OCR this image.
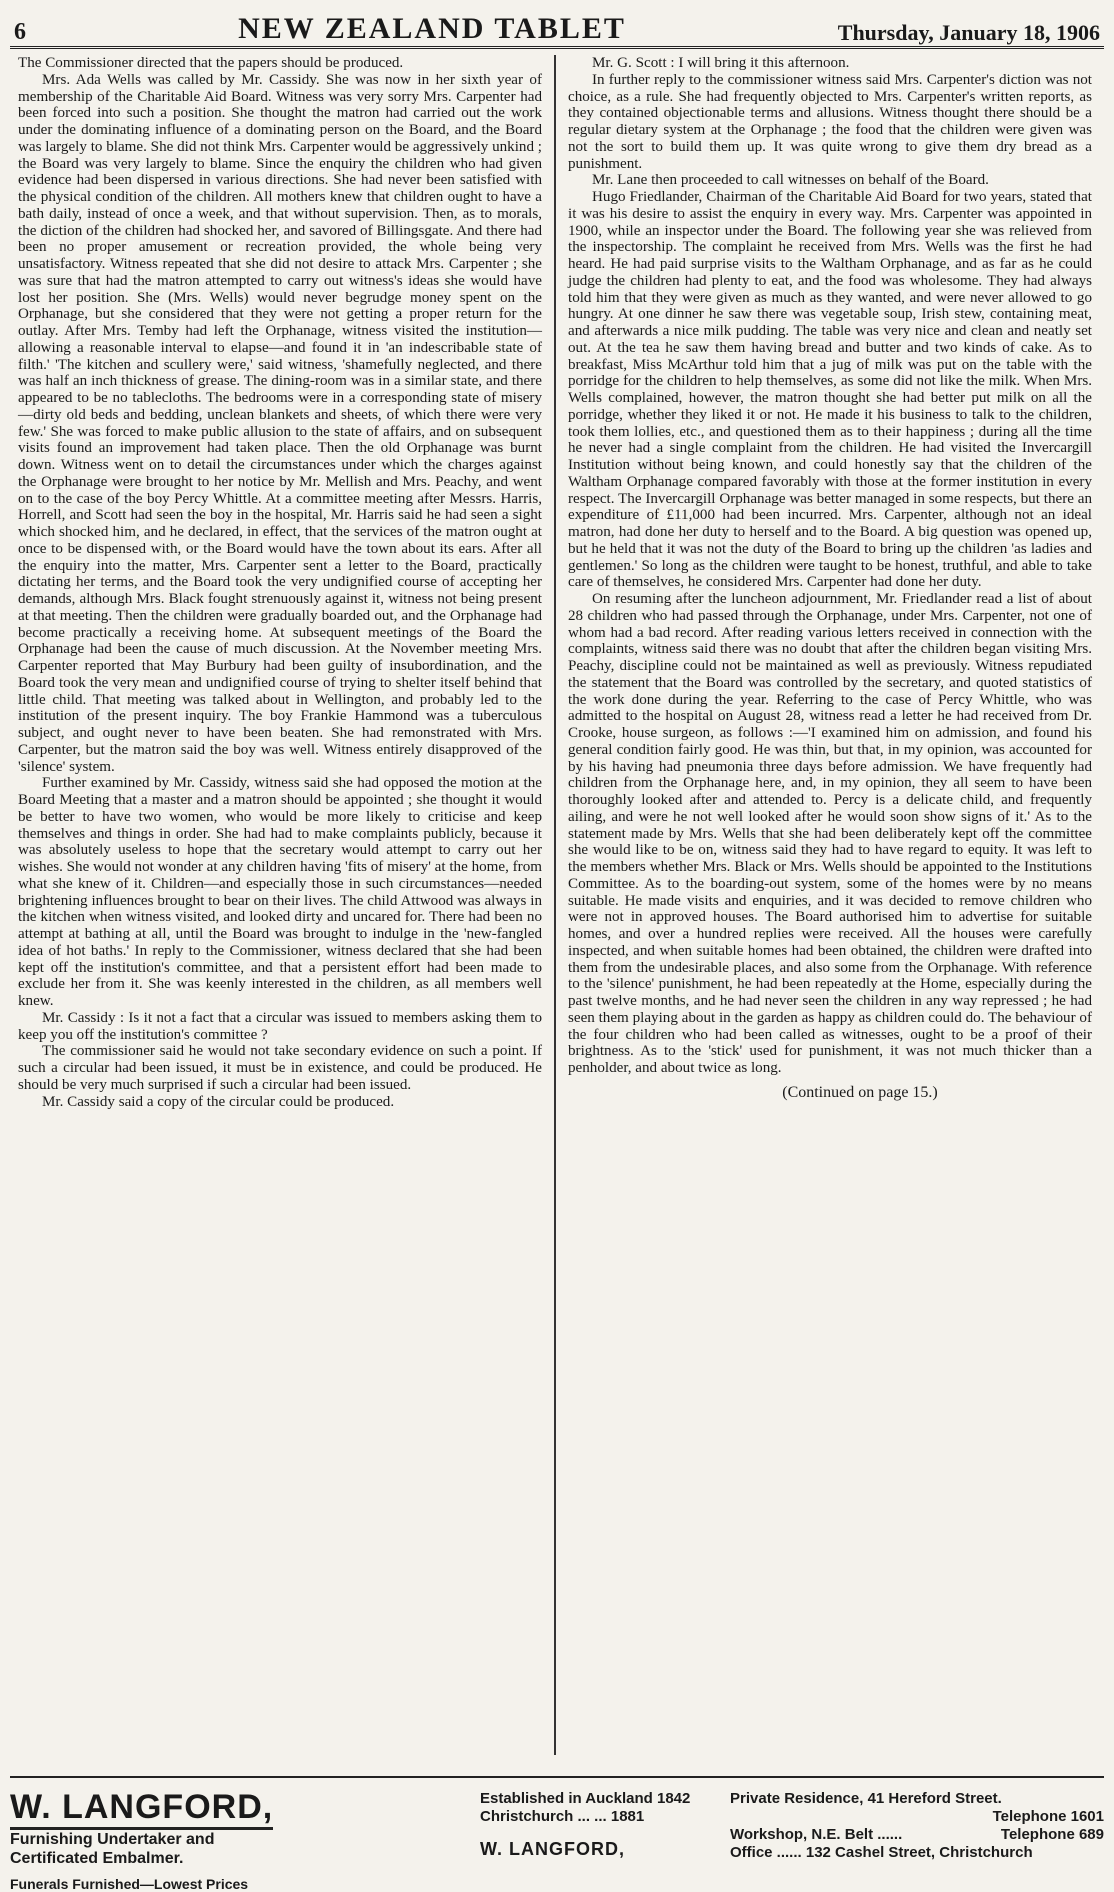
6	NEW ZEALAND TABLET	Thursday, January 18, 1906

The Commissioner directed that the papers should be produced.

Mrs. Ada Wells was called by Mr. Cassidy. She was now in her sixth year of membership of the Charitable Aid Board. Witness was very sorry Mrs. Carpenter had been forced into such a position. She thought the matron had carried out the work under the dominating influence of a dominating person on the Board, and the Board was largely to blame. She did not think Mrs. Carpenter would be aggressively unkind ; the Board was very largely to blame. Since the enquiry the children who had given evidence had been dispersed in various directions. She had never been satisfied with the physical condition of the children. All mothers knew that children ought to have a bath daily, instead of once a week, and that without supervision. Then, as to morals, the diction of the children had shocked her, and savored of Billingsgate. And there had been no proper amusement or recreation provided, the whole being very unsatisfactory. Witness repeated that she did not desire to attack Mrs. Carpenter ; she was sure that had the matron attempted to carry out witness's ideas she would have lost her position. She (Mrs. Wells) would never begrudge money spent on the Orphanage, but she considered that they were not getting a proper return for the outlay. After Mrs. Temby had left the Orphanage, witness visited the institution—allowing a reasonable interval to elapse—and found it in 'an indescribable state of filth.' 'The kitchen and scullery were,' said witness, 'shamefully neglected, and there was half an inch thickness of grease. The dining-room was in a similar state, and there appeared to be no tablecloths. The bedrooms were in a corresponding state of misery—dirty old beds and bedding, unclean blankets and sheets, of which there were very few.' She was forced to make public allusion to the state of affairs, and on subsequent visits found an improvement had taken place. Then the old Orphanage was burnt down. Witness went on to detail the circumstances under which the charges against the Orphanage were brought to her notice by Mr. Mellish and Mrs. Peachy, and went on to the case of the boy Percy Whittle. At a committee meeting after Messrs. Harris, Horrell, and Scott had seen the boy in the hospital, Mr. Harris said he had seen a sight which shocked him, and he declared, in effect, that the services of the matron ought at once to be dispensed with, or the Board would have the town about its ears. After all the enquiry into the matter, Mrs. Carpenter sent a letter to the Board, practically dictating her terms, and the Board took the very undignified course of accepting her demands, although Mrs. Black fought strenuously against it, witness not being present at that meeting. Then the children were gradually boarded out, and the Orphanage had become practically a receiving home. At subsequent meetings of the Board the Orphanage had been the cause of much discussion. At the November meeting Mrs. Carpenter reported that May Burbury had been guilty of insubordination, and the Board took the very mean and undignified course of trying to shelter itself behind that little child. That meeting was talked about in Wellington, and probably led to the institution of the present inquiry. The boy Frankie Hammond was a tuberculous subject, and ought never to have been beaten. She had remonstrated with Mrs. Carpenter, but the matron said the boy was well. Witness entirely disapproved of the 'silence' system.

Further examined by Mr. Cassidy, witness said she had opposed the motion at the Board Meeting that a master and a matron should be appointed ; she thought it would be better to have two women, who would be more likely to criticise and keep themselves and things in order. She had had to make complaints publicly, because it was absolutely useless to hope that the secretary would attempt to carry out her wishes. She would not wonder at any children having 'fits of misery' at the home, from what she knew of it. Children—and especially those in such circumstances—needed brightening influences brought to bear on their lives. The child Attwood was always in the kitchen when witness visited, and looked dirty and uncared for. There had been no attempt at bathing at all, until the Board was brought to indulge in the 'new-fangled idea of hot baths.' In reply to the Commissioner, witness declared that she had been kept off the institution's committee, and that a persistent effort had been made to exclude her from it. She was keenly interested in the children, as all members well knew.

Mr. Cassidy : Is it not a fact that a circular was issued to members asking them to keep you off the institution's committee ?

The commissioner said he would not take secondary evidence on such a point. If such a circular had been issued, it must be in existence, and could be produced. He should be very much surprised if such a circular had been issued.

Mr. Cassidy said a copy of the circular could be produced.

Mr. G. Scott : I will bring it this afternoon.

In further reply to the commissioner witness said Mrs. Carpenter's diction was not choice, as a rule. She had frequently objected to Mrs. Carpenter's written reports, as they contained objectionable terms and allusions. Witness thought there should be a regular dietary system at the Orphanage ; the food that the children were given was not the sort to build them up. It was quite wrong to give them dry bread as a punishment.

Mr. Lane then proceeded to call witnesses on behalf of the Board.

Hugo Friedlander, Chairman of the Charitable Aid Board for two years, stated that it was his desire to assist the enquiry in every way. Mrs. Carpenter was appointed in 1900, while an inspector under the Board. The following year she was relieved from the inspectorship. The complaint he received from Mrs. Wells was the first he had heard. He had paid surprise visits to the Waltham Orphanage, and as far as he could judge the children had plenty to eat, and the food was wholesome. They had always told him that they were given as much as they wanted, and were never allowed to go hungry. At one dinner he saw there was vegetable soup, Irish stew, containing meat, and afterwards a nice milk pudding. The table was very nice and clean and neatly set out. At the tea he saw them having bread and butter and two kinds of cake. As to breakfast, Miss McArthur told him that a jug of milk was put on the table with the porridge for the children to help themselves, as some did not like the milk. When Mrs. Wells complained, however, the matron thought she had better put milk on all the porridge, whether they liked it or not. He made it his business to talk to the children, took them lollies, etc., and questioned them as to their happiness ; during all the time he never had a single complaint from the children. He had visited the Invercargill Institution without being known, and could honestly say that the children of the Waltham Orphanage compared favorably with those at the former institution in every respect. The Invercargill Orphanage was better managed in some respects, but there an expenditure of £11,000 had been incurred. Mrs. Carpenter, although not an ideal matron, had done her duty to herself and to the Board. A big question was opened up, but he held that it was not the duty of the Board to bring up the children 'as ladies and gentlemen.' So long as the children were taught to be honest, truthful, and able to take care of themselves, he considered Mrs. Carpenter had done her duty.

On resuming after the luncheon adjournment, Mr. Friedlander read a list of about 28 children who had passed through the Orphanage, under Mrs. Carpenter, not one of whom had a bad record. After reading various letters received in connection with the complaints, witness said there was no doubt that after the children began visiting Mrs. Peachy, discipline could not be maintained as well as previously. Witness repudiated the statement that the Board was controlled by the secretary, and quoted statistics of the work done during the year. Referring to the case of Percy Whittle, who was admitted to the hospital on August 28, witness read a letter he had received from Dr. Crooke, house surgeon, as follows :—'I examined him on admission, and found his general condition fairly good. He was thin, but that, in my opinion, was accounted for by his having had pneumonia three days before admission. We have frequently had children from the Orphanage here, and, in my opinion, they all seem to have been thoroughly looked after and attended to. Percy is a delicate child, and frequently ailing, and were he not well looked after he would soon show signs of it.' As to the statement made by Mrs. Wells that she had been deliberately kept off the committee she would like to be on, witness said they had to have regard to equity. It was left to the members whether Mrs. Black or Mrs. Wells should be appointed to the Institutions Committee. As to the boarding-out system, some of the homes were by no means suitable. He made visits and enquiries, and it was decided to remove children who were not in approved houses. The Board authorised him to advertise for suitable homes, and over a hundred replies were received. All the houses were carefully inspected, and when suitable homes had been obtained, the children were drafted into them from the undesirable places, and also some from the Orphanage. With reference to the 'silence' punishment, he had been repeatedly at the Home, especially during the past twelve months, and he had never seen the children in any way repressed ; he had seen them playing about in the garden as happy as children could do. The behaviour of the four children who had been called as witnesses, ought to be a proof of their brightness. As to the 'stick' used for punishment, it was not much thicker than a penholder, and about twice as long.

(Continued on page 15.)
W. LANGFORD,
Furnishing Undertaker and
Certificated Embalmer.
Funerals Furnished—Lowest Prices
Established in Auckland 1842
Christchurch ... ... 1881
W. LANGFORD,
Private Residence, 41 Hereford Street.
Telephone 1601
Workshop, N.E. Belt ......	Telephone 689
Office ...... 132 Cashel Street, Christchurch
